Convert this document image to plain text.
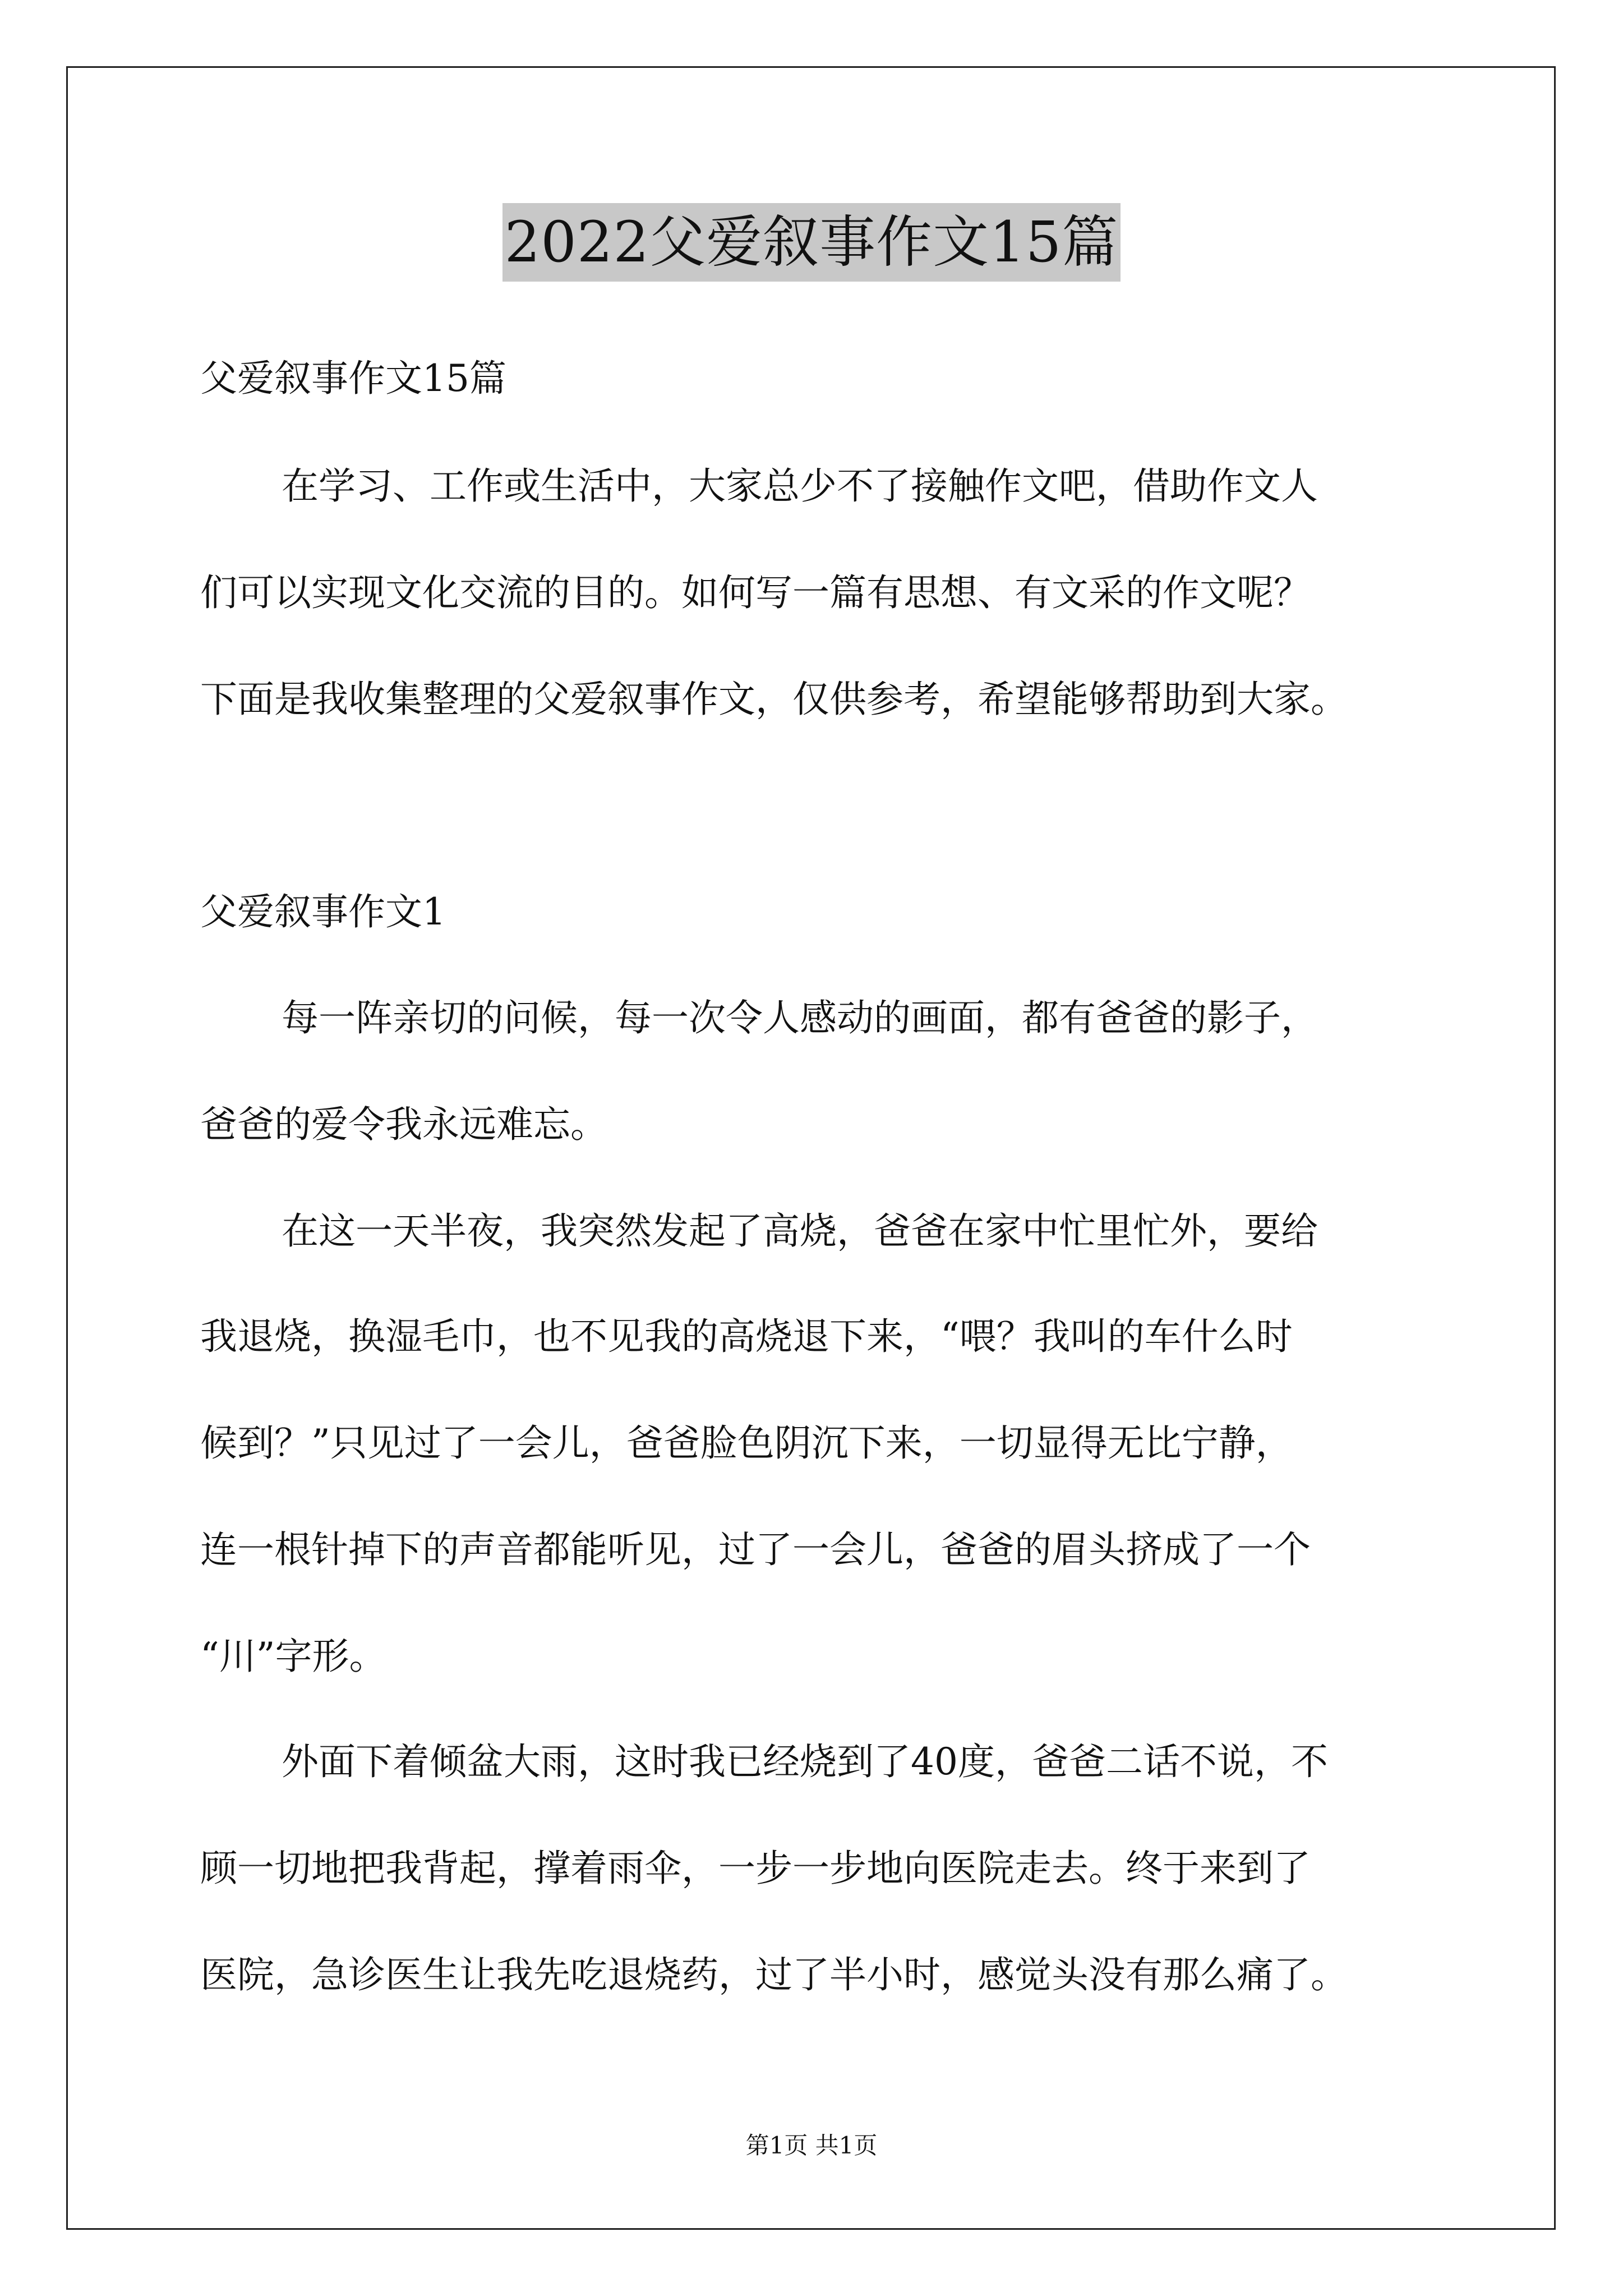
2022父爱叙事作文15篇
父爱叙事作文15篇
在学习、工作或生活中，大家总少不了接触作文吧，借助作文人
们可以实现文化交流的目的。如何写一篇有思想、有文采的作文呢？
下面是我收集整理的父爱叙事作文，仅供参考，希望能够帮助到大家。
父爱叙事作文1
每一阵亲切的问候，每一次令人感动的画面，都有爸爸的影子，
爸爸的爱令我永远难忘。
在这一天半夜，我突然发起了高烧，爸爸在家中忙里忙外，要给
我退烧，换湿毛巾，也不见我的高烧退下来，“喂？我叫的车什么时
候到？”只见过了一会儿，爸爸脸色阴沉下来，一切显得无比宁静，
连一根针掉下的声音都能听见，过了一会儿，爸爸的眉头挤成了一个
“川”字形。
外面下着倾盆大雨，这时我已经烧到了40度，爸爸二话不说，不
顾一切地把我背起，撑着雨伞，一步一步地向医院走去。终于来到了
医院，急诊医生让我先吃退烧药，过了半小时，感觉头没有那么痛了。
第1页 共1页
